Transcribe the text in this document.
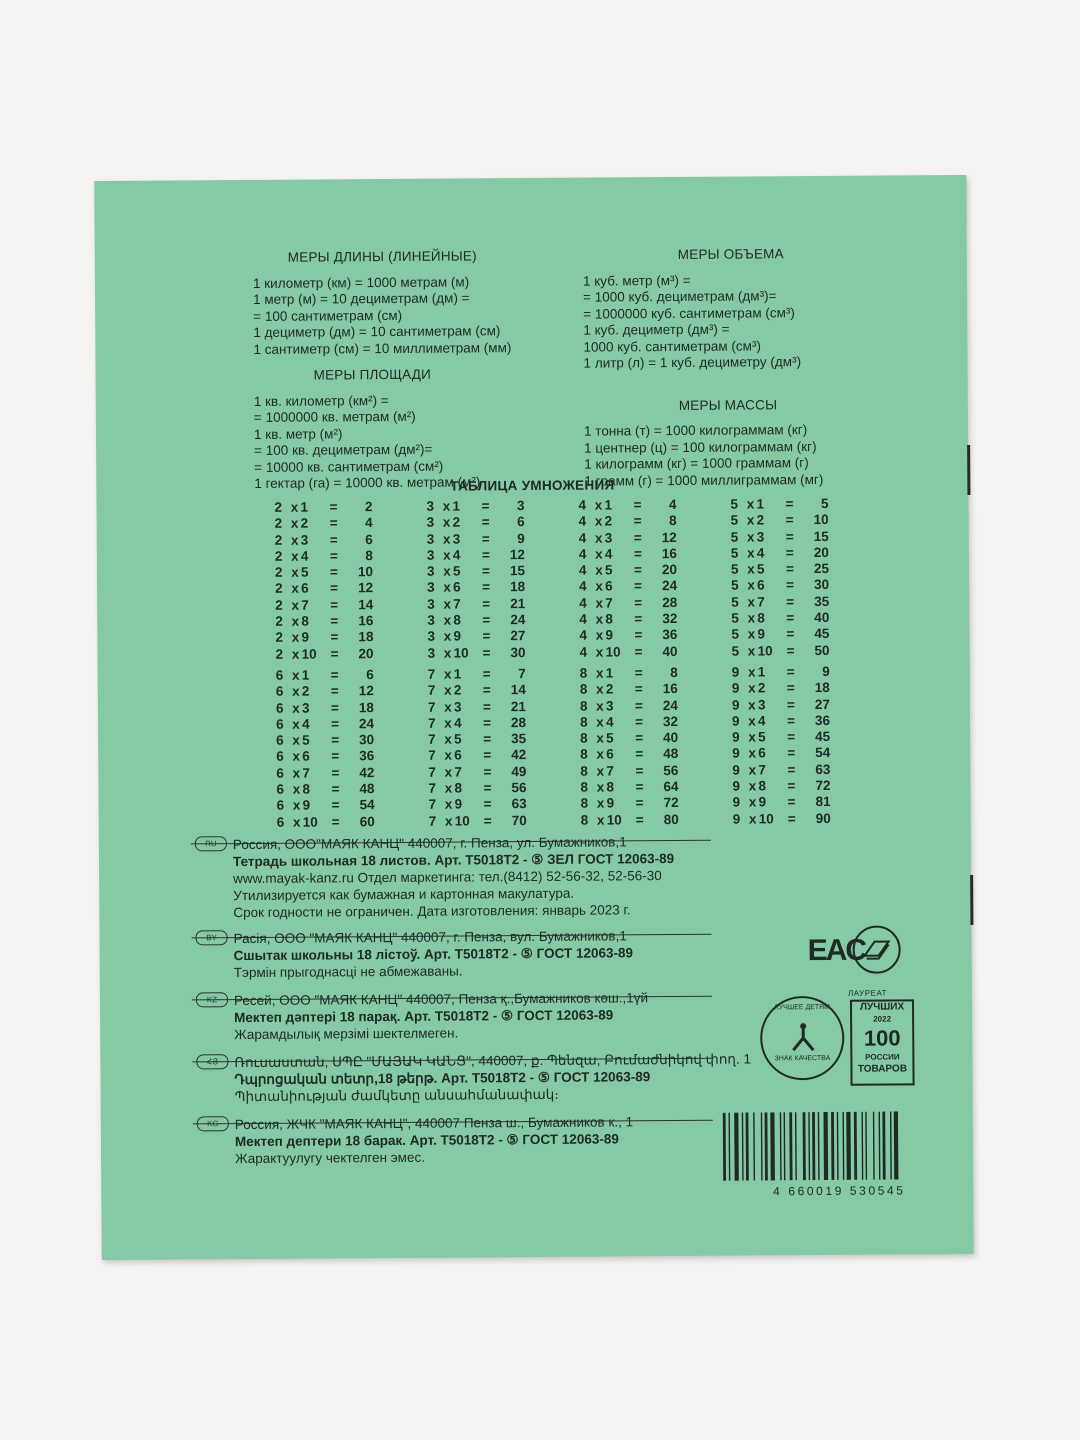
МЕРЫ ДЛИНЫ (ЛИНЕЙНЫЕ)
1 километр (км) = 1000 метрам (м)
1 метр (м) = 10 дециметрам (дм) =
= 100 сантиметрам (см)
1 дециметр (дм) = 10 сантиметрам (см)
1 сантиметр (см) = 10 миллиметрам (мм)
МЕРЫ ПЛОЩАДИ
1 кв. километр (км²) =
= 1000000 кв. метрам (м²)
1 кв. метр (м²)
= 100 кв. дециметрам (дм²)=
= 10000 кв. сантиметрам (см²)
1 гектар (га) = 10000 кв. метрам (м²)
МЕРЫ ОБЪЕМА
1 куб. метр (м³) =
= 1000 куб. дециметрам (дм³)=
= 1000000 куб. сантиметрам (см³)
1 куб. дециметр (дм³) =
1000 куб. сантиметрам (см³)
1 литр (л) = 1 куб. дециметру (дм³)
МЕРЫ МАССЫ
1 тонна (т) = 1000 килограммам (кг)
1 центнер (ц) = 100 килограммам (кг)
1 килограмм (кг) = 1000 граммам (г)
1 грамм (г) = 1000 миллиграммам (мг)
ТАБЛИЦА УМНОЖЕНИЯ
2 x 1	=	2
2 x 2	=	4
2 x 3	=	6
2 x 4	=	8
2 x 5	=	10
2 x 6	=	12
2 x 7	=	14
2 x 8	=	16
2 x 9	=	18
2 x 10	=	20
3 x 1	=	3
3 x 2	=	6
3 x 3	=	9
3 x 4	=	12
3 x 5	=	15
3 x 6	=	18
3 x 7	=	21
3 x 8	=	24
3 x 9	=	27
3 x 10	=	30
4 x 1	=	4
4 x 2	=	8
4 x 3	=	12
4 x 4	=	16
4 x 5	=	20
4 x 6	=	24
4 x 7	=	28
4 x 8	=	32
4 x 9	=	36
4 x 10	=	40
5 x 1	=	5
5 x 2	=	10
5 x 3	=	15
5 x 4	=	20
5 x 5	=	25
5 x 6	=	30
5 x 7	=	35
5 x 8	=	40
5 x 9	=	45
5 x 10	=	50
6 x 1	=	6
6 x 2	=	12
6 x 3	=	18
6 x 4	=	24
6 x 5	=	30
6 x 6	=	36
6 x 7	=	42
6 x 8	=	48
6 x 9	=	54
6 x 10	=	60
7 x 1	=	7
7 x 2	=	14
7 x 3	=	21
7 x 4	=	28
7 x 5	=	35
7 x 6	=	42
7 x 7	=	49
7 x 8	=	56
7 x 9	=	63
7 x 10	=	70
8 x 1	=	8
8 x 2	=	16
8 x 3	=	24
8 x 4	=	32
8 x 5	=	40
8 x 6	=	48
8 x 7	=	56
8 x 8	=	64
8 x 9	=	72
8 x 10	=	80
9 x 1	=	9
9 x 2	=	18
9 x 3	=	27
9 x 4	=	36
9 x 5	=	45
9 x 6	=	54
9 x 7	=	63
9 x 8	=	72
9 x 9	=	81
9 x 10	=	90
RU	Россия, ООО"МАЯК КАНЦ" 440007, г. Пенза, ул. Бумажников,1
Тетрадь школьная 18 листов. Арт. Т5018Т2 - ⑤ ЗЕЛ ГОСТ 12063-89
www.mayak-kanz.ru Отдел маркетинга: тел.(8412) 52-56-32, 52-56-30
Утилизируется как бумажная и картонная макулатура.
Срок годности не ограничен. Дата изготовления: январь 2023 г.
BY	Расія, ООО "МАЯК КАНЦ" 440007, г. Пенза, вул. Бумажников,1
Сшытак школьны 18 лістоў. Арт. Т5018Т2 - ⑤ ГОСТ 12063-89
Тэрмін прыгоднасці не абмежаваны.
KZ	Ресей, ООО "МАЯК КАНЦ" 440007, Пенза қ.,Бумажников көш.,1үй
Мектеп дәптері 18 парақ. Арт. Т5018Т2 - ⑤ ГОСТ 12063-89
Жарамдылық мерзімі шектелмеген.
ՀՅ	Ռուսաստան, ՍՊԸ "ՄԱՅԱԿ ԿԱՆՑ", 440007, ք. Պենզա, Բումաժնիկով փող. 1
Դպրոցական տետր,18 թերթ. Арт. Т5018Т2 - ⑤ ГОСТ 12063-89
Պիտանիության ժամկետը անսահմանափակ։
KG	Россия, ЖЧК "МАЯК КАНЦ", 440007 Пенза ш., Бумажников к., 1
Мектеп дептери 18 барак. Арт. Т5018Т2 - ⑤ ГОСТ 12063-89
Жарактуулугу чектелген эмес.
EAC
ЛАУРЕАТ
ЛУЧШИХ
2022
100
РОССИИ
ТОВАРОВ
ЛУЧШЕЕ ДЕТЯМ
ЗНАК КАЧЕСТВА
4 660019 530545
